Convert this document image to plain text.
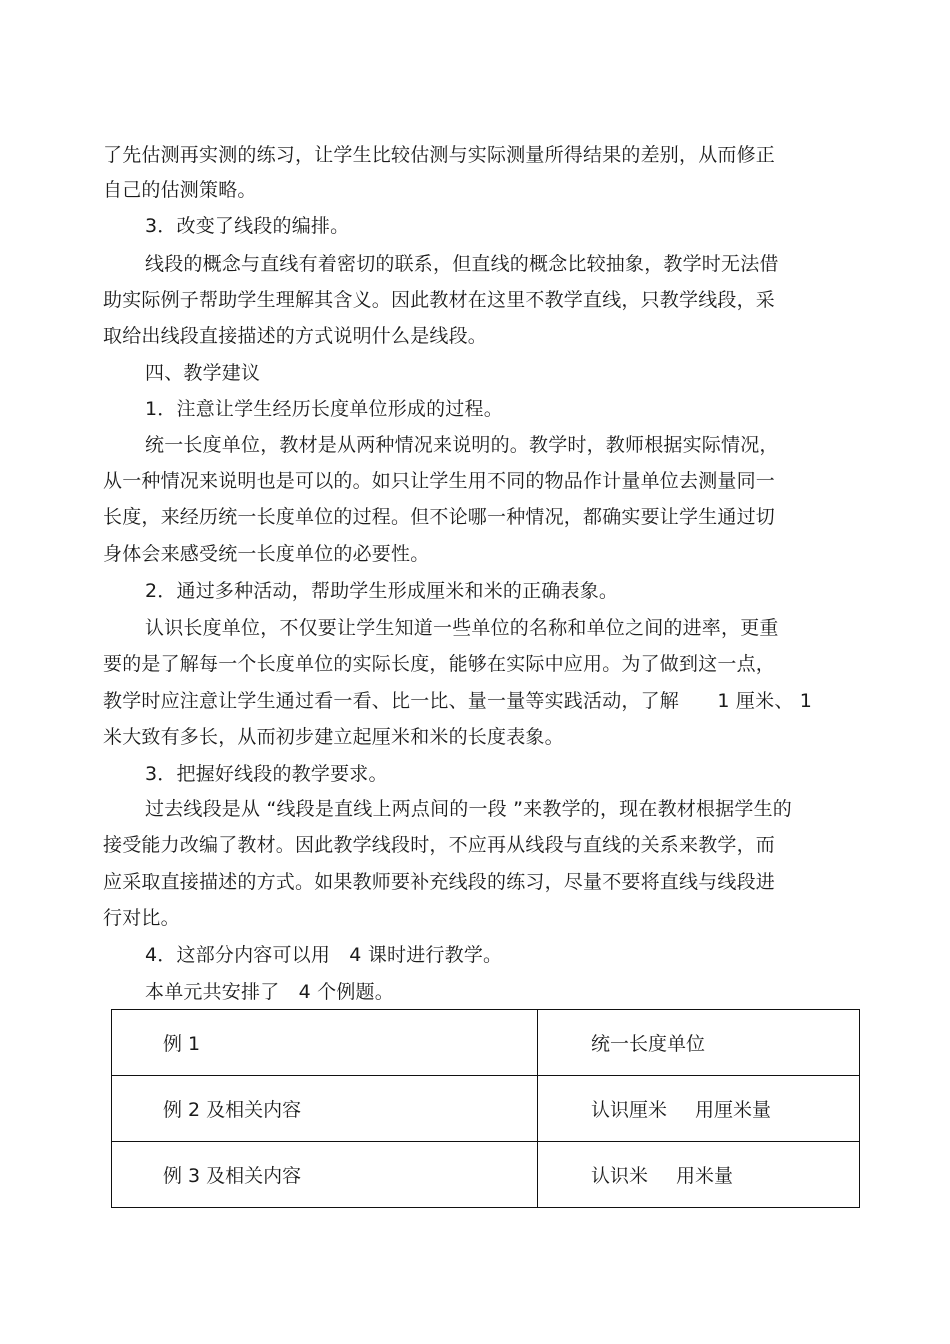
了先估测再实测的练习，让学生比较估测与实际测量所得结果的差别，从而修正
自己的估测策略。
3．改变了线段的编排。
线段的概念与直线有着密切的联系，但直线的概念比较抽象，教学时无法借
助实际例子帮助学生理解其含义。因此教材在这里不教学直线，只教学线段，采
取给出线段直接描述的方式说明什么是线段。
四、教学建议
1．注意让学生经历长度单位形成的过程。
统一长度单位，教材是从两种情况来说明的。教学时，教师根据实际情况，
从一种情况来说明也是可以的。如只让学生用不同的物品作计量单位去测量同一
长度，来经历统一长度单位的过程。但不论哪一种情况，都确实要让学生通过切
身体会来感受统一长度单位的必要性。
2．通过多种活动，帮助学生形成厘米和米的正确表象。
认识长度单位，不仅要让学生知道一些单位的名称和单位之间的进率，更重
要的是了解每一个长度单位的实际长度，能够在实际中应用。为了做到这一点，
教学时应注意让学生通过看一看、比一比、量一量等实践活动，了解　　1 厘米、 1
米大致有多长，从而初步建立起厘米和米的长度表象。
3．把握好线段的教学要求。
过去线段是从 “线段是直线上两点间的一段 ”来教学的，现在教材根据学生的
接受能力改编了教材。因此教学线段时，不应再从线段与直线的关系来教学，而
应采取直接描述的方式。如果教师要补充线段的练习，尽量不要将直线与线段进
行对比。
4．这部分内容可以用　4 课时进行教学。
本单元共安排了　4 个例题。
例 1	统一长度单位
例 2 及相关内容	认识厘米 用厘米量
例 3 及相关内容	认识米 用米量
